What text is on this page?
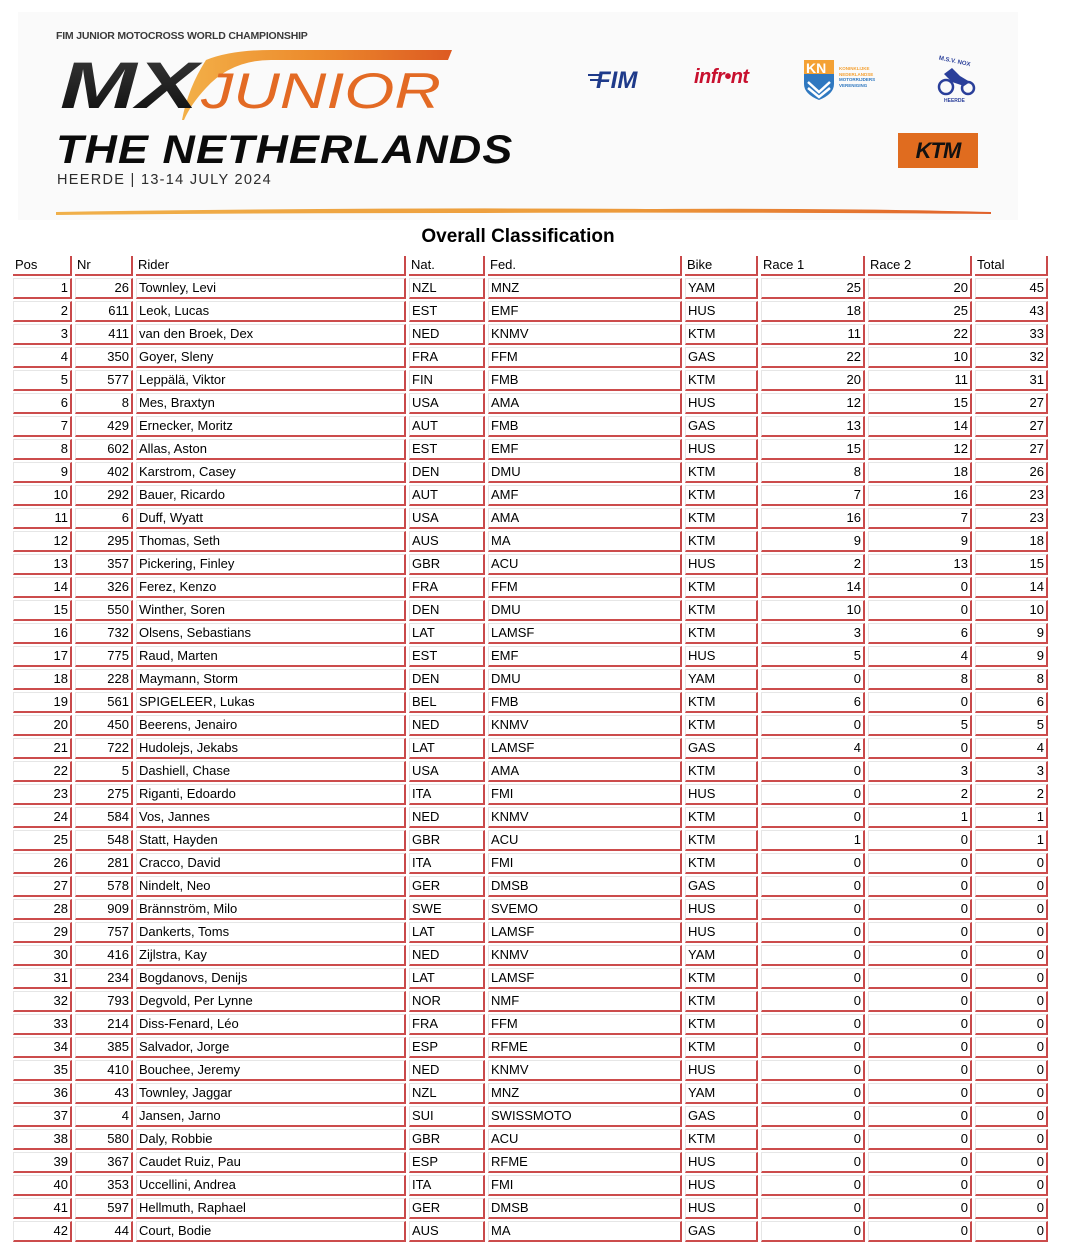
FIM JUNIOR MOTOCROSS WORLD CHAMPIONSHIP
MX
JUNIOR
THE NETHERLANDS
HEERDE | 13-14 JULY 2024
FIM	infr•nt	KN	KONINKLIJKE
NEDERLANDSE
MOTORRIJDERS
VERENIGING
M.S.V. NOX
HEERDE
KTM
Overall Classification
Pos	Nr	Rider	Nat.	Fed.	Bike	Race 1	Race 2	Total
1	26	Townley, Levi	NZL	MNZ	YAM	25	20	45
2	611	Leok, Lucas	EST	EMF	HUS	18	25	43
3	411	van den Broek, Dex	NED	KNMV	KTM	11	22	33
4	350	Goyer, Sleny	FRA	FFM	GAS	22	10	32
5	577	Leppälä, Viktor	FIN	FMB	KTM	20	11	31
6	8	Mes, Braxtyn	USA	AMA	HUS	12	15	27
7	429	Ernecker, Moritz	AUT	FMB	GAS	13	14	27
8	602	Allas, Aston	EST	EMF	HUS	15	12	27
9	402	Karstrom, Casey	DEN	DMU	KTM	8	18	26
10	292	Bauer, Ricardo	AUT	AMF	KTM	7	16	23
11	6	Duff, Wyatt	USA	AMA	KTM	16	7	23
12	295	Thomas, Seth	AUS	MA	KTM	9	9	18
13	357	Pickering, Finley	GBR	ACU	HUS	2	13	15
14	326	Ferez, Kenzo	FRA	FFM	KTM	14	0	14
15	550	Winther, Soren	DEN	DMU	KTM	10	0	10
16	732	Olsens, Sebastians	LAT	LAMSF	KTM	3	6	9
17	775	Raud, Marten	EST	EMF	HUS	5	4	9
18	228	Maymann, Storm	DEN	DMU	YAM	0	8	8
19	561	SPIGELEER, Lukas	BEL	FMB	KTM	6	0	6
20	450	Beerens, Jenairo	NED	KNMV	KTM	0	5	5
21	722	Hudolejs, Jekabs	LAT	LAMSF	GAS	4	0	4
22	5	Dashiell, Chase	USA	AMA	KTM	0	3	3
23	275	Riganti, Edoardo	ITA	FMI	HUS	0	2	2
24	584	Vos, Jannes	NED	KNMV	KTM	0	1	1
25	548	Statt, Hayden	GBR	ACU	KTM	1	0	1
26	281	Cracco, David	ITA	FMI	KTM	0	0	0
27	578	Nindelt, Neo	GER	DMSB	GAS	0	0	0
28	909	Brännström, Milo	SWE	SVEMO	HUS	0	0	0
29	757	Dankerts, Toms	LAT	LAMSF	HUS	0	0	0
30	416	Zijlstra, Kay	NED	KNMV	YAM	0	0	0
31	234	Bogdanovs, Denijs	LAT	LAMSF	KTM	0	0	0
32	793	Degvold, Per Lynne	NOR	NMF	KTM	0	0	0
33	214	Diss-Fenard, Léo	FRA	FFM	KTM	0	0	0
34	385	Salvador, Jorge	ESP	RFME	KTM	0	0	0
35	410	Bouchee, Jeremy	NED	KNMV	HUS	0	0	0
36	43	Townley, Jaggar	NZL	MNZ	YAM	0	0	0
37	4	Jansen, Jarno	SUI	SWISSMOTO	GAS	0	0	0
38	580	Daly, Robbie	GBR	ACU	KTM	0	0	0
39	367	Caudet Ruiz, Pau	ESP	RFME	HUS	0	0	0
40	353	Uccellini, Andrea	ITA	FMI	HUS	0	0	0
41	597	Hellmuth, Raphael	GER	DMSB	HUS	0	0	0
42	44	Court, Bodie	AUS	MA	GAS	0	0	0
